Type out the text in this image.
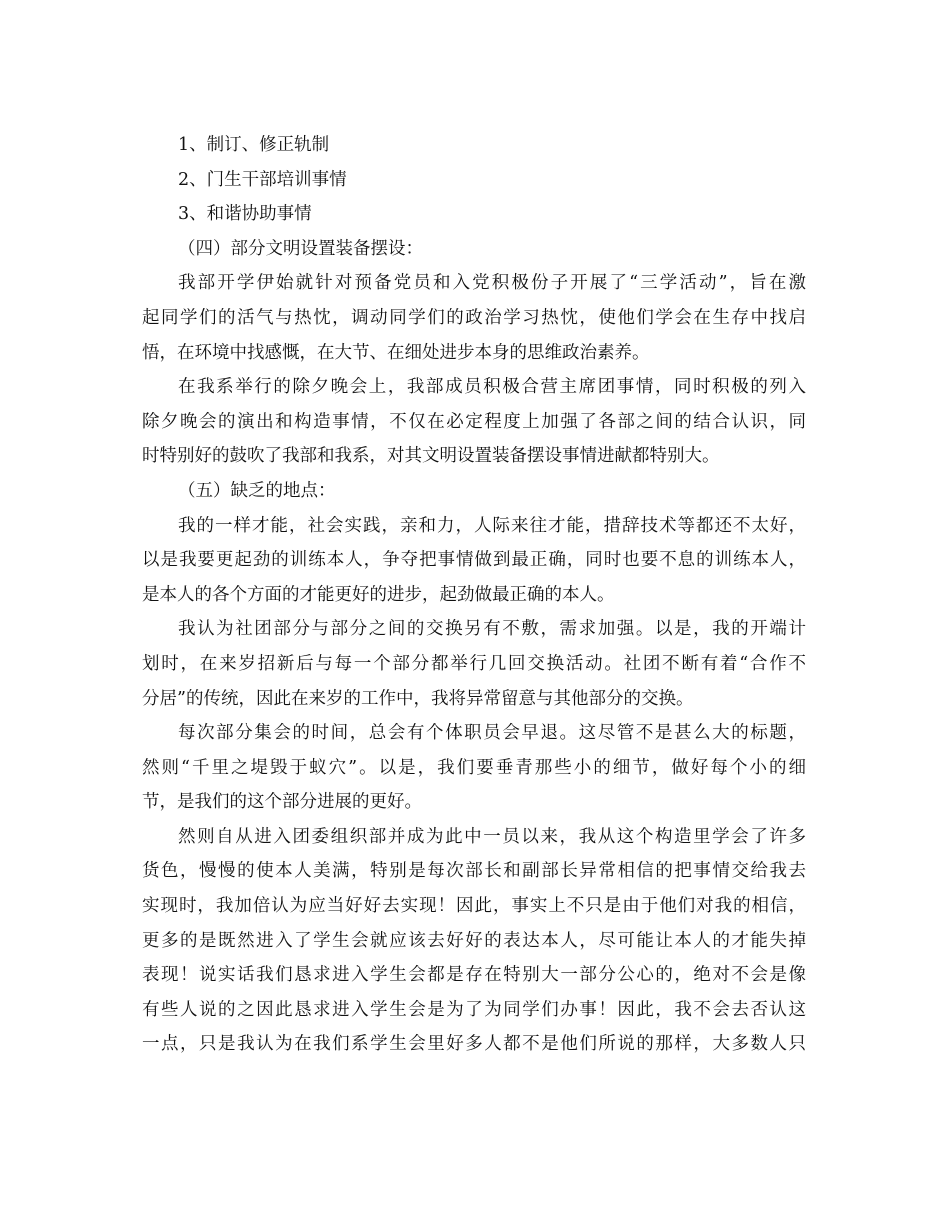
1、制订、修正轨制
2、门生干部培训事情
3、和谐协助事情
（四）部分文明设置装备摆设：
我部开学伊始就针对预备党员和入党积极份子开展了“三学活动”，旨在激
起同学们的活气与热忱，调动同学们的政治学习热忱，使他们学会在生存中找启
悟，在环境中找感慨，在大节、在细处进步本身的思维政治素养。
在我系举行的除夕晚会上，我部成员积极合营主席团事情，同时积极的列入
除夕晚会的演出和构造事情，不仅在必定程度上加强了各部之间的结合认识，同
时特别好的鼓吹了我部和我系，对其文明设置装备摆设事情进献都特别大。
（五）缺乏的地点：
我的一样才能，社会实践，亲和力，人际来往才能，措辞技术等都还不太好，
以是我要更起劲的训练本人，争夺把事情做到最正确，同时也要不息的训练本人，
是本人的各个方面的才能更好的进步，起劲做最正确的本人。
我认为社团部分与部分之间的交换另有不敷，需求加强。以是，我的开端计
划时，在来岁招新后与每一个部分都举行几回交换活动。社团不断有着“合作不
分居”的传统，因此在来岁的工作中，我将异常留意与其他部分的交换。
每次部分集会的时间，总会有个体职员会早退。这尽管不是甚么大的标题，
然则“千里之堤毁于蚁穴”。以是，我们要垂青那些小的细节，做好每个小的细
节，是我们的这个部分进展的更好。
然则自从进入团委组织部并成为此中一员以来，我从这个构造里学会了许多
货色，慢慢的使本人美满，特别是每次部长和副部长异常相信的把事情交给我去
实现时，我加倍认为应当好好去实现！因此，事实上不只是由于他们对我的相信，
更多的是既然进入了学生会就应该去好好的表达本人，尽可能让本人的才能失掉
表现！说实话我们恳求进入学生会都是存在特别大一部分公心的，绝对不会是像
有些人说的之因此恳求进入学生会是为了为同学们办事！因此，我不会去否认这
一点，只是我认为在我们系学生会里好多人都不是他们所说的那样，大多数人只
